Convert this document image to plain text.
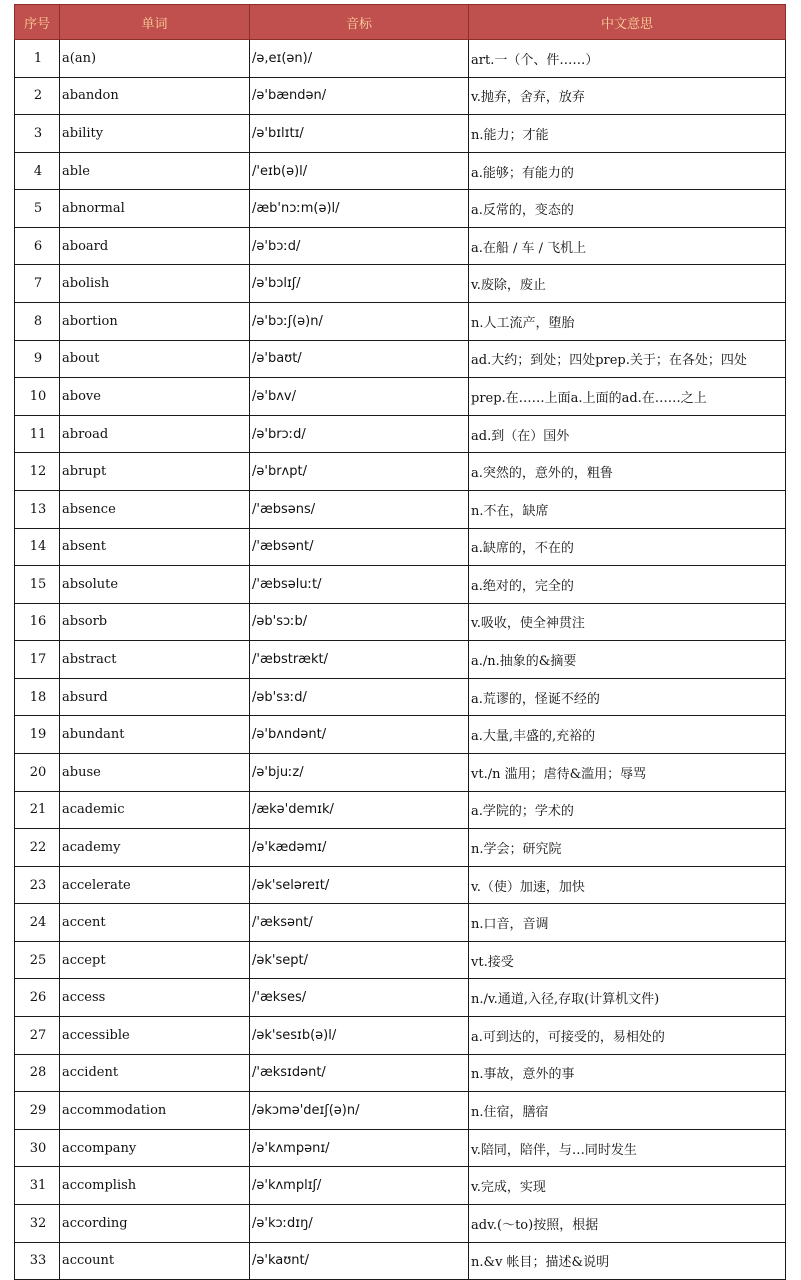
序号	单词	音标	中文意思
1	a(an)	/ə,eɪ(ən)/	art.一（个、件……）
2	abandon	/ə'bændən/	v.抛弃，舍弃，放弃
3	ability	/ə'bɪlɪtɪ/	n.能力；才能
4	able	/'eɪb(ə)l/	a.能够；有能力的
5	abnormal	/æb'nɔːm(ə)l/	a.反常的，变态的
6	aboard	/ə'bɔːd/	a.在船 / 车 / 飞机上
7	abolish	/ə'bɔlɪʃ/	v.废除，废止
8	abortion	/ə'bɔːʃ(ə)n/	n.人工流产，堕胎
9	about	/ə'baʊt/	ad.大约；到处；四处prep.关于；在各处；四处
10	above	/ə'bʌv/	prep.在……上面a.上面的ad.在……之上
11	abroad	/ə'brɔːd/	ad.到（在）国外
12	abrupt	/ə'brʌpt/	a.突然的，意外的，粗鲁
13	absence	/'æbsəns/	n.不在，缺席
14	absent	/'æbsənt/	a.缺席的，不在的
15	absolute	/'æbsəluːt/	a.绝对的，完全的
16	absorb	/əb'sɔːb/	v.吸收，使全神贯注
17	abstract	/'æbstrækt/	a./n.抽象的&摘要
18	absurd	/əb'sɜːd/	a.荒谬的，怪诞不经的
19	abundant	/ə'bʌndənt/	a.大量,丰盛的,充裕的
20	abuse	/ə'bjuːz/	vt./n 滥用；虐待&滥用；辱骂
21	academic	/ækə'demɪk/	a.学院的；学术的
22	academy	/ə'kædəmɪ/	n.学会；研究院
23	accelerate	/ək'seləreɪt/	v.（使）加速，加快
24	accent	/'æksənt/	n.口音，音调
25	accept	/ək'sept/	vt.接受
26	access	/'ækses/	n./v.通道,入径,存取(计算机文件)
27	accessible	/ək'sesɪb(ə)l/	a.可到达的，可接受的，易相处的
28	accident	/'æksɪdənt/	n.事故，意外的事
29	accommodation	/əkɔmə'deɪʃ(ə)n/	n.住宿，膳宿
30	accompany	/ə'kʌmpənɪ/	v.陪同，陪伴，与…同时发生
31	accomplish	/ə'kʌmplɪʃ/	v.完成，实现
32	according	/ə'kɔːdɪŋ/	adv.(～to)按照，根据
33	account	/ə'kaʊnt/	n.&v 帐目；描述&说明
